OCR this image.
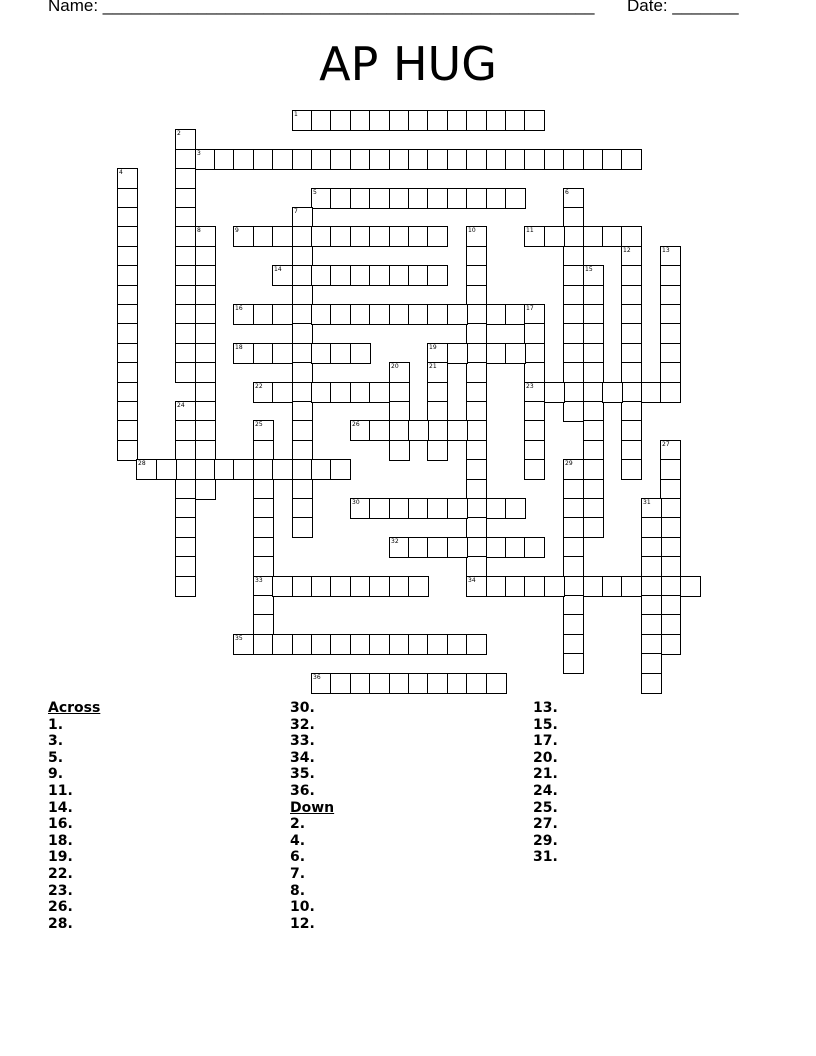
Name: ____________________________________________________ Date: _______
AP HUG
1
2
3
4
5	6
7
8	9	10	11
12	13
14	15
16	17
18	19
20	21
22	23
24
25	26
27
28	29
30	31
32
33	34
35
36
Across
1.
3.
5.
9.
11.
14.
16.
18.
19.
22.
23.
26.
28.
30.
32.
33.
34.
35.
36.
Down
2.
4.
6.
7.
8.
10.
12.
13.
15.
17.
20.
21.
24.
25.
27.
29.
31.
